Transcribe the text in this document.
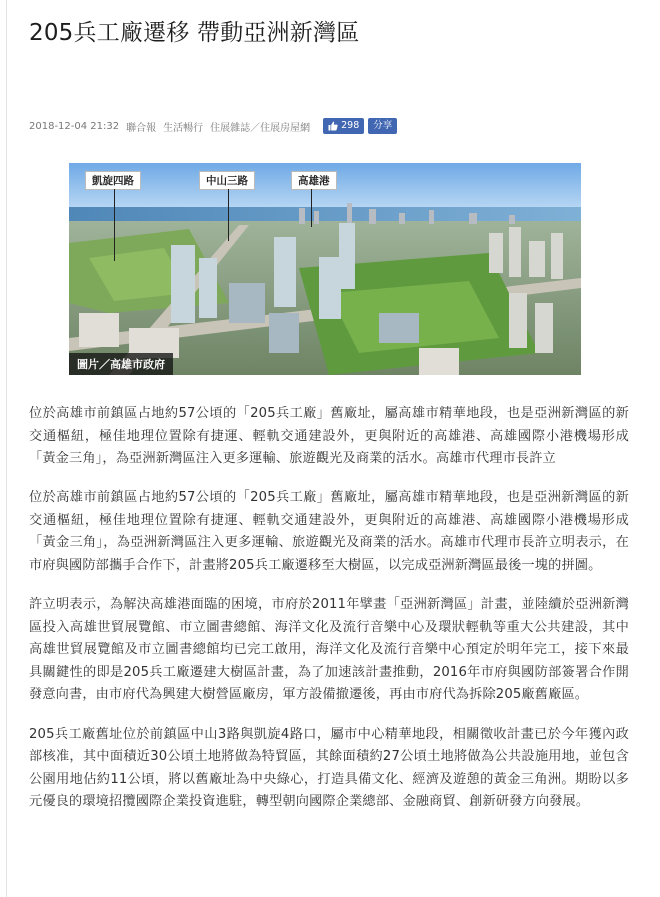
205兵工廠遷移 帶動亞洲新灣區
2018-12-04 21:32 聯合報 生活暢行 住展雜誌／住展房屋網	298	分享
凱旋四路	中山三路	高雄港
圖片／高雄市政府

位於高雄市前鎮區占地約57公頃的「205兵工廠」舊廠址，屬高雄市精華地段，也是亞洲新灣區的新交通樞紐，極佳地理位置除有捷運、輕軌交通建設外，更與附近的高雄港、高雄國際小港機場形成「黃金三角」，為亞洲新灣區注入更多運輸、旅遊觀光及商業的活水。高雄市代理市長許立

位於高雄市前鎮區占地約57公頃的「205兵工廠」舊廠址，屬高雄市精華地段，也是亞洲新灣區的新交通樞紐，極佳地理位置除有捷運、輕軌交通建設外，更與附近的高雄港、高雄國際小港機場形成「黃金三角」，為亞洲新灣區注入更多運輸、旅遊觀光及商業的活水。高雄市代理市長許立明表示，在市府與國防部攜手合作下，計畫將205兵工廠遷移至大樹區，以完成亞洲新灣區最後一塊的拼圖。

許立明表示，為解決高雄港面臨的困境，市府於2011年擘畫「亞洲新灣區」計畫，並陸續於亞洲新灣區投入高雄世貿展覽館、市立圖書總館、海洋文化及流行音樂中心及環狀輕軌等重大公共建設，其中高雄世貿展覽館及市立圖書總館均已完工啟用，海洋文化及流行音樂中心預定於明年完工，接下來最具關鍵性的即是205兵工廠遷建大樹區計畫，為了加速該計畫推動，2016年市府與國防部簽署合作開發意向書，由市府代為興建大樹營區廠房，軍方設備撤遷後，再由市府代為拆除205廠舊廠區。

205兵工廠舊址位於前鎮區中山3路與凱旋4路口，屬市中心精華地段，相關徵收計畫已於今年獲內政部核准，其中面積近30公頃土地將做為特貿區，其餘面積約27公頃土地將做為公共設施用地，並包含公園用地佔約11公頃，將以舊廠址為中央綠心，打造具備文化、經濟及遊憩的黃金三角洲。期盼以多元優良的環境招攬國際企業投資進駐，轉型朝向國際企業總部、金融商貿、創新研發方向發展。
